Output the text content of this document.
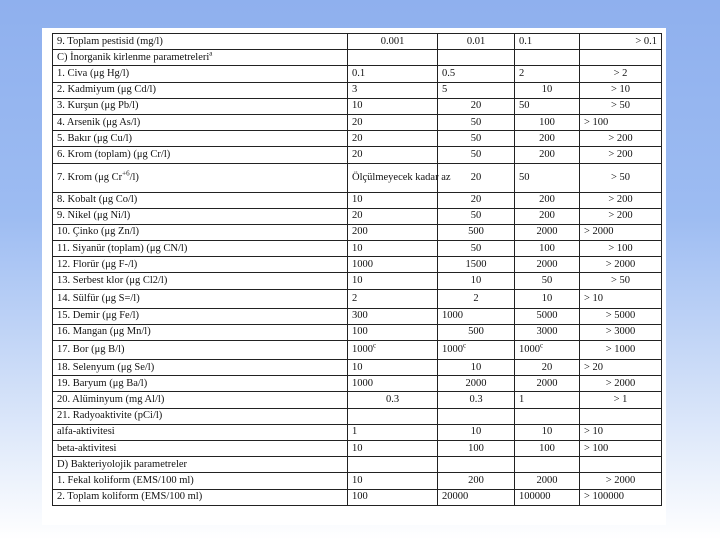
9. Toplam pestisid (mg/l)	0.001	0.01	0.1	> 0.1
C) İnorganik kirlenme parametreleri$^a$				
1. Civa (μg Hg/l)	0.1	0.5	2	> 2
2. Kadmiyum (μg Cd/l)	3	5	10	> 10
3. Kurşun (μg Pb/l)	10	20	50	> 50
4. Arsenik (μg As/l)	20	50	100	> 100
5. Bakır (μg Cu/l)	20	50	200	> 200
6. Krom (toplam) (μg Cr/l)	20	50	200	> 200
7. Krom (μg $Cr^{+6}/l$)	Ölçülmeyecek kadar az	20	50	> 50
8. Kobalt (μg Co/l)	10	20	200	> 200
9. Nikel (μg Ni/l)	20	50	200	> 200
10. Çinko (μg Zn/l)	200	500	2000	> 2000
11. Siyanür (toplam) (μg CN/l)	10	50	100	> 100
12. Florür (μg F-/l)	1000	1500	2000	> 2000
13. Serbest klor (μg Cl2/l)	10	10	50	> 50
14. Sülfür (μg S=/l)	2	2	10	> 10
15. Demir (μg Fe/l)	300	1000	5000	> 5000
16. Mangan (μg Mn/l)	100	500	3000	> 3000
17. Bor (μg B/l)	1000$^c$	1000$^c$	$1000^c$	> 1000
18. Selenyum (μg Se/l)	10	10	20	> 20
19. Baryum (μg Ba/l)	1000	2000	2000	> 2000
20. Alüminyum (mg Al/l)	0.3	0.3	1	> 1
21. Radyoaktivite (pCi/l)				
alfa-aktivitesi	1	10	10	> 10
beta-aktivitesi	10	100	100	> 100
D) Bakteriyolojik parametreler				
1. Fekal koliform (EMS/100 ml)	10	200	2000	> 2000
2. Toplam koliform (EMS/100 ml)	100	20000	100000	> 100000
